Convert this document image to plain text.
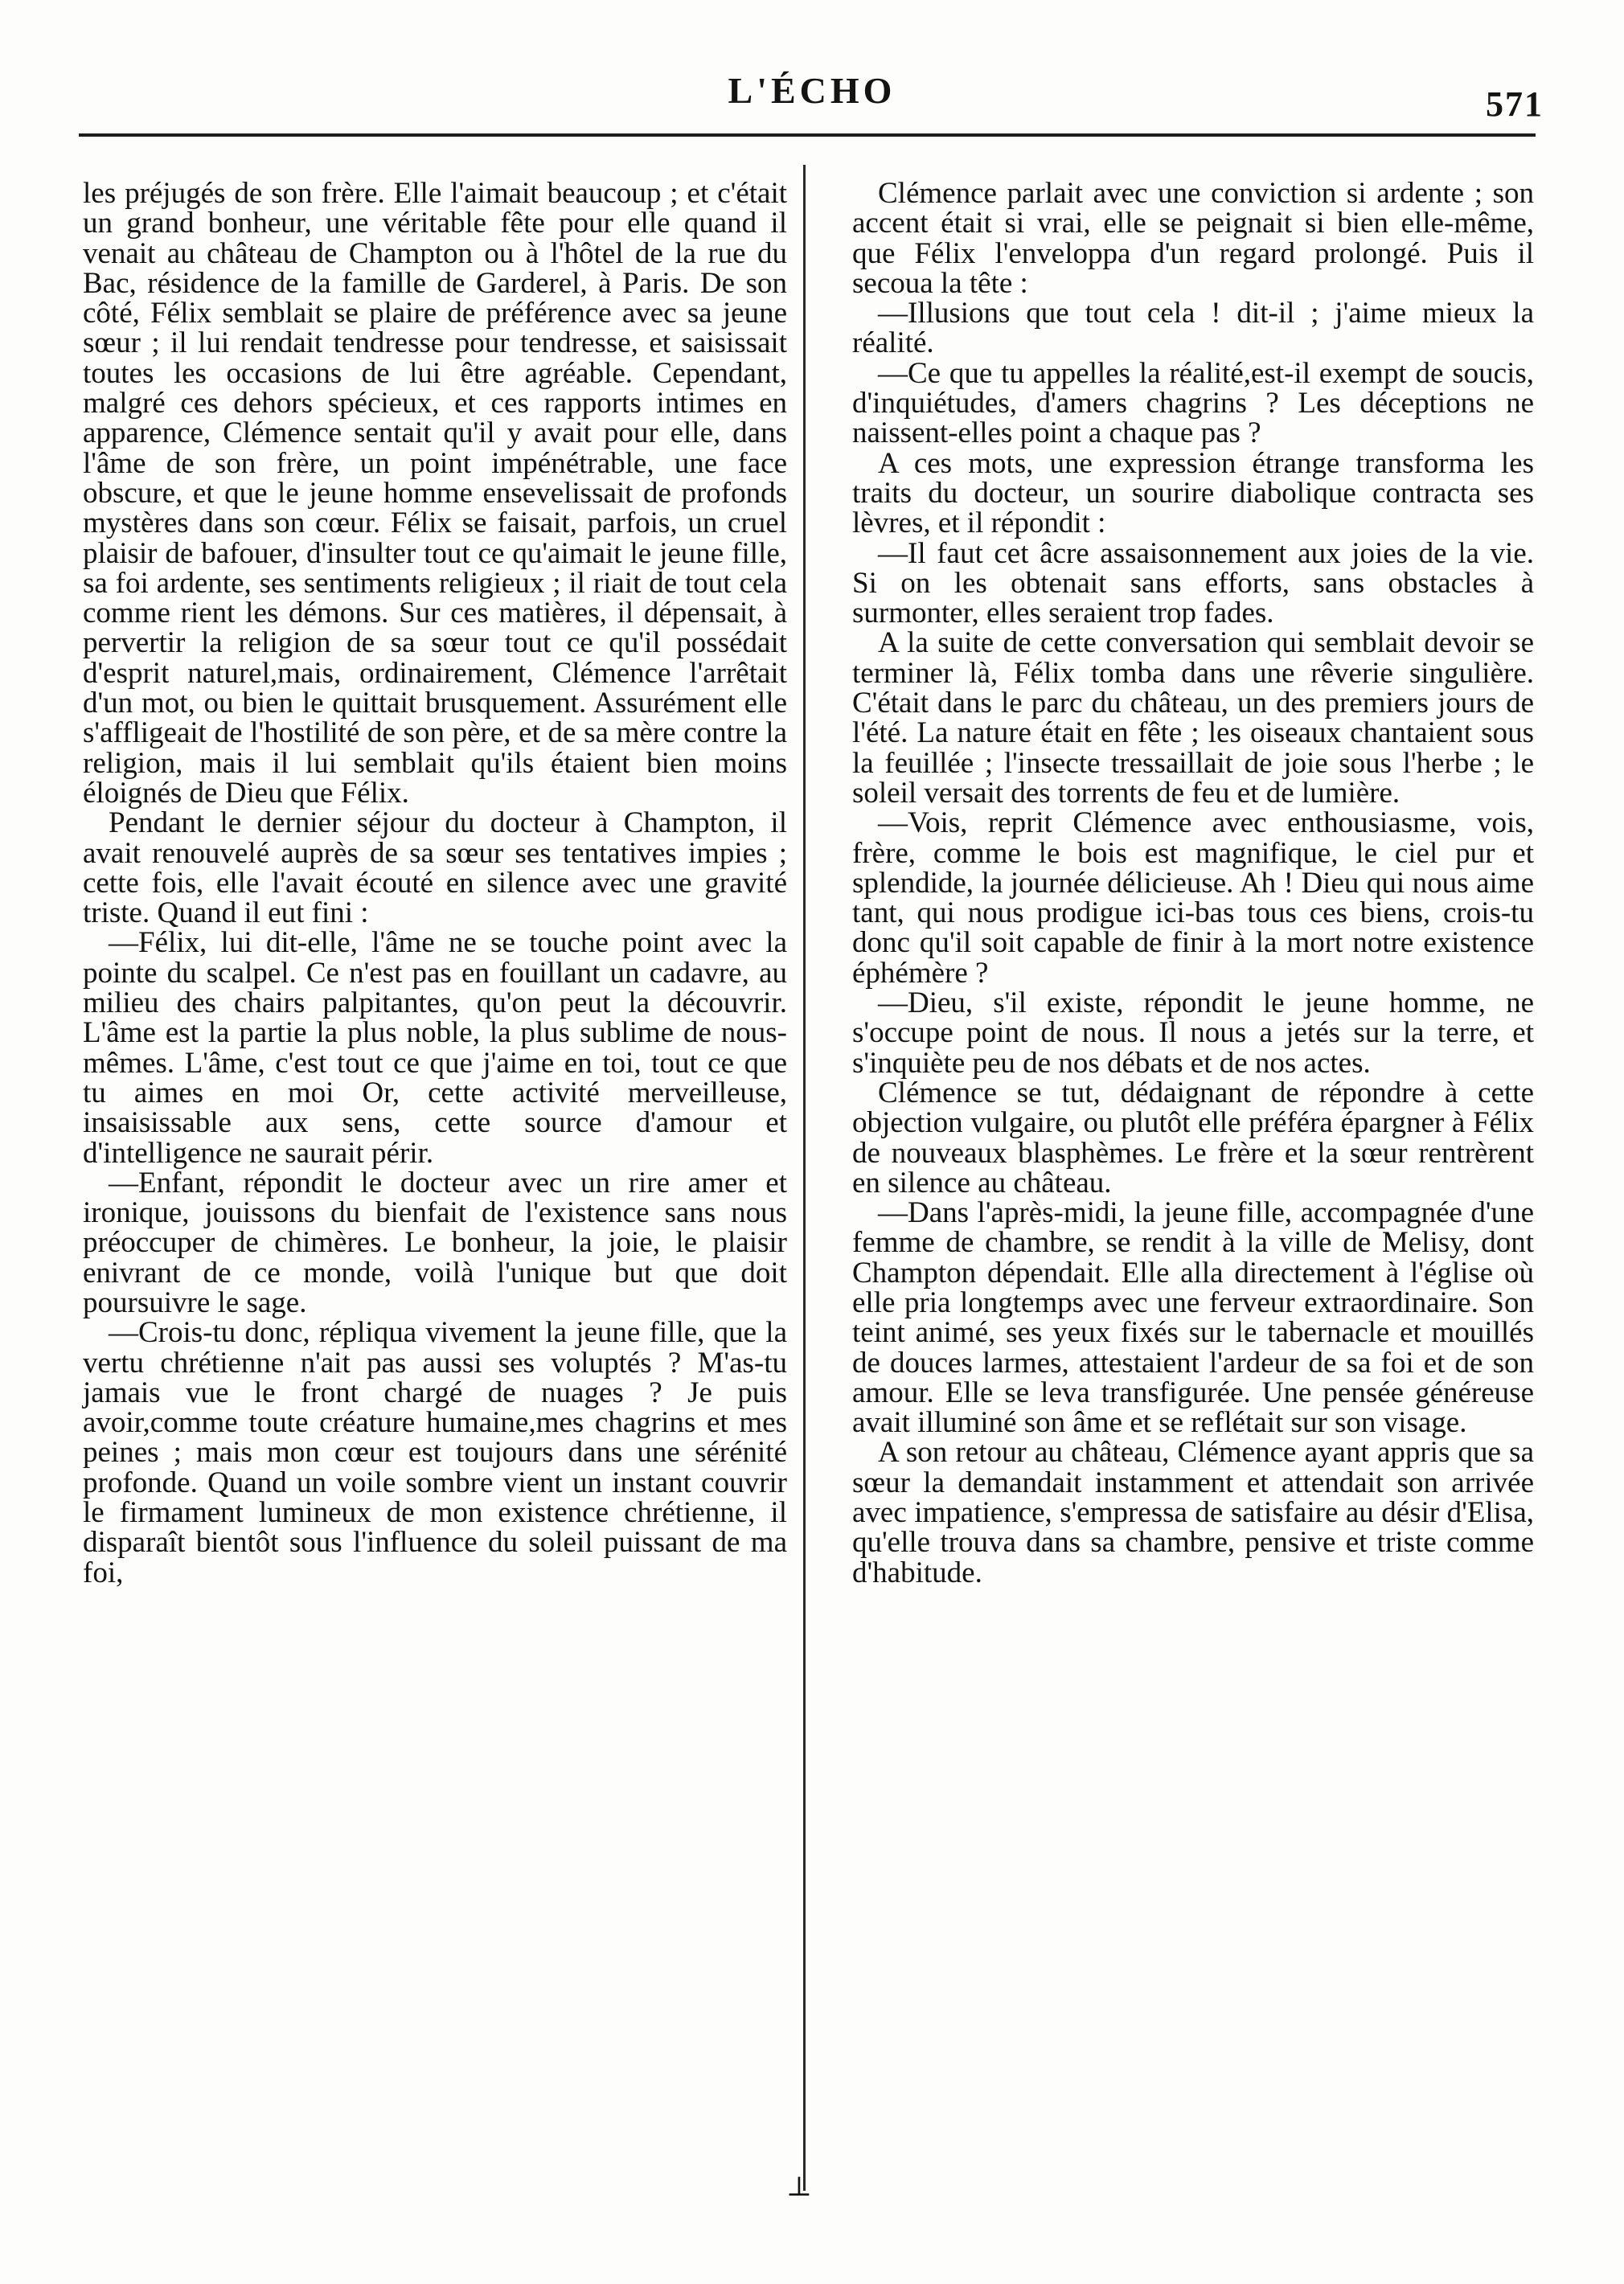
L'ÉCHO	571

les préjugés de son frère. Elle l'aimait beaucoup ; et c'était un grand bonheur, une véritable fête pour elle quand il venait au château de Champton ou à l'hôtel de la rue du Bac, résidence de la famille de Garderel, à Paris. De son côté, Félix semblait se plaire de préférence avec sa jeune sœur ; il lui rendait tendresse pour tendresse, et saisissait toutes les occasions de lui être agréable. Cependant, malgré ces dehors spécieux, et ces rapports intimes en apparence, Clémence sentait qu'il y avait pour elle, dans l'âme de son frère, un point impénétrable, une face obscure, et que le jeune homme ensevelissait de profonds mystères dans son cœur. Félix se faisait, parfois, un cruel plaisir de bafouer, d'insulter tout ce qu'aimait le jeune fille, sa foi ardente, ses sentiments religieux ; il riait de tout cela comme rient les démons. Sur ces matières, il dépensait, à pervertir la religion de sa sœur tout ce qu'il possédait d'esprit naturel,mais, ordinairement, Clémence l'arrêtait d'un mot, ou bien le quittait brusquement. Assurément elle s'affligeait de l'hostilité de son père, et de sa mère contre la religion, mais il lui semblait qu'ils étaient bien moins éloignés de Dieu que Félix.

Pendant le dernier séjour du docteur à Champton, il avait renouvelé auprès de sa sœur ses tentatives impies ; cette fois, elle l'avait écouté en silence avec une gravité triste. Quand il eut fini :

—Félix, lui dit-elle, l'âme ne se touche point avec la pointe du scalpel. Ce n'est pas en fouillant un cadavre, au milieu des chairs palpitantes, qu'on peut la découvrir. L'âme est la partie la plus noble, la plus sublime de nous-mêmes. L'âme, c'est tout ce que j'aime en toi, tout ce que tu aimes en moi Or, cette activité merveilleuse, insaisissable aux sens, cette source d'amour et d'intelligence ne saurait périr.

—Enfant, répondit le docteur avec un rire amer et ironique, jouissons du bienfait de l'existence sans nous préoccuper de chimères. Le bonheur, la joie, le plaisir enivrant de ce monde, voilà l'unique but que doit poursuivre le sage.

—Crois-tu donc, répliqua vivement la jeune fille, que la vertu chrétienne n'ait pas aussi ses voluptés ? M'as-tu jamais vue le front chargé de nuages ? Je puis avoir,comme toute créature humaine,mes chagrins et mes peines ; mais mon cœur est toujours dans une sérénité profonde. Quand un voile sombre vient un instant couvrir le firmament lumineux de mon existence chrétienne, il disparaît bientôt sous l'influence du soleil puissant de ma foi,

Clémence parlait avec une conviction si ardente ; son accent était si vrai, elle se peignait si bien elle-même, que Félix l'enveloppa d'un regard prolongé. Puis il secoua la tête :

—Illusions que tout cela ! dit-il ; j'aime mieux la réalité.

—Ce que tu appelles la réalité,est-il exempt de soucis, d'inquiétudes, d'amers chagrins ? Les déceptions ne naissent-elles point a chaque pas ?

A ces mots, une expression étrange transforma les traits du docteur, un sourire diabolique contracta ses lèvres, et il répondit :

—Il faut cet âcre assaisonnement aux joies de la vie. Si on les obtenait sans efforts, sans obstacles à surmonter, elles seraient trop fades.

A la suite de cette conversation qui semblait devoir se terminer là, Félix tomba dans une rêverie singulière. C'était dans le parc du château, un des premiers jours de l'été. La nature était en fête ; les oiseaux chantaient sous la feuillée ; l'insecte tressaillait de joie sous l'herbe ; le soleil versait des torrents de feu et de lumière.

—Vois, reprit Clémence avec enthousiasme, vois, frère, comme le bois est magnifique, le ciel pur et splendide, la journée délicieuse. Ah ! Dieu qui nous aime tant, qui nous prodigue ici-bas tous ces biens, crois-tu donc qu'il soit capable de finir à la mort notre existence éphémère ?

—Dieu, s'il existe, répondit le jeune homme, ne s'occupe point de nous. Il nous a jetés sur la terre, et s'inquiète peu de nos débats et de nos actes.

Clémence se tut, dédaignant de répondre à cette objection vulgaire, ou plutôt elle préféra épargner à Félix de nouveaux blasphèmes. Le frère et la sœur rentrèrent en silence au château.

—Dans l'après-midi, la jeune fille, accompagnée d'une femme de chambre, se rendit à la ville de Melisy, dont Champton dépendait. Elle alla directement à l'église où elle pria longtemps avec une ferveur extraordinaire. Son teint animé, ses yeux fixés sur le tabernacle et mouillés de douces larmes, attestaient l'ardeur de sa foi et de son amour. Elle se leva transfigurée. Une pensée généreuse avait illuminé son âme et se reflétait sur son visage.

A son retour au château, Clémence ayant appris que sa sœur la demandait instamment et attendait son arrivée avec impatience, s'empressa de satisfaire au désir d'Elisa, qu'elle trouva dans sa chambre, pensive et triste comme d'habitude.

⊥
